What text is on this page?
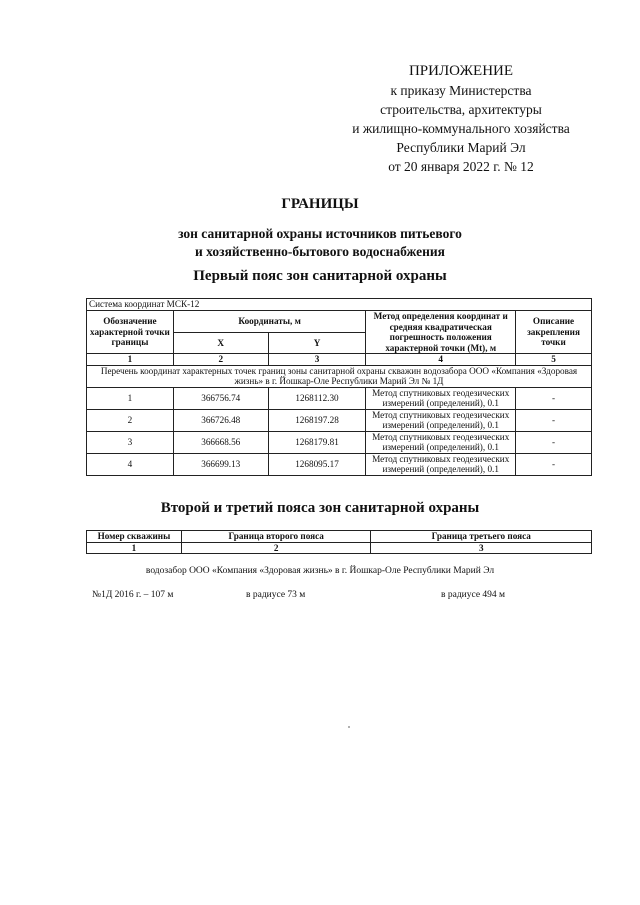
ПРИЛОЖЕНИЕ
к приказу Министерства
строительства, архитектуры
и жилищно-коммунального хозяйства
Республики Марий Эл
от 20 января 2022 г. № 12
ГРАНИЦЫ
зон санитарной охраны источников питьевого
и хозяйственно-бытового водоснабжения
Первый пояс зон санитарной охраны
Система координат МСК-12				
Обозначение характерной точки границы	Координаты, м		Метод определения координат и средняя квадратическая погрешность положения характерной точки (Mt), м	Описание закрепления точки
	X	Y		
1	2	3	4	5
Перечень координат характерных точек границ зоны санитарной охраны скважин водозабора ООО «Компания «Здоровая жизнь» в г. Йошкар-Оле Республики Марий Эл № 1Д				
1	366756.74	1268112.30	Метод спутниковых геодезических измерений (определений), 0.1	-
2	366726.48	1268197.28	Метод спутниковых геодезических измерений (определений), 0.1	-
3	366668.56	1268179.81	Метод спутниковых геодезических измерений (определений), 0.1	-
4	366699.13	1268095.17	Метод спутниковых геодезических измерений (определений), 0.1	-
Второй и третий пояса зон санитарной охраны
Номер скважины	Граница второго пояса	Граница третьего пояса
1	2	3
водозабор ООО «Компания «Здоровая жизнь» в г. Йошкар-Оле Республики Марий Эл
№1Д 2016 г. – 107 м	в радиусе 73 м	в радиусе 494 м
